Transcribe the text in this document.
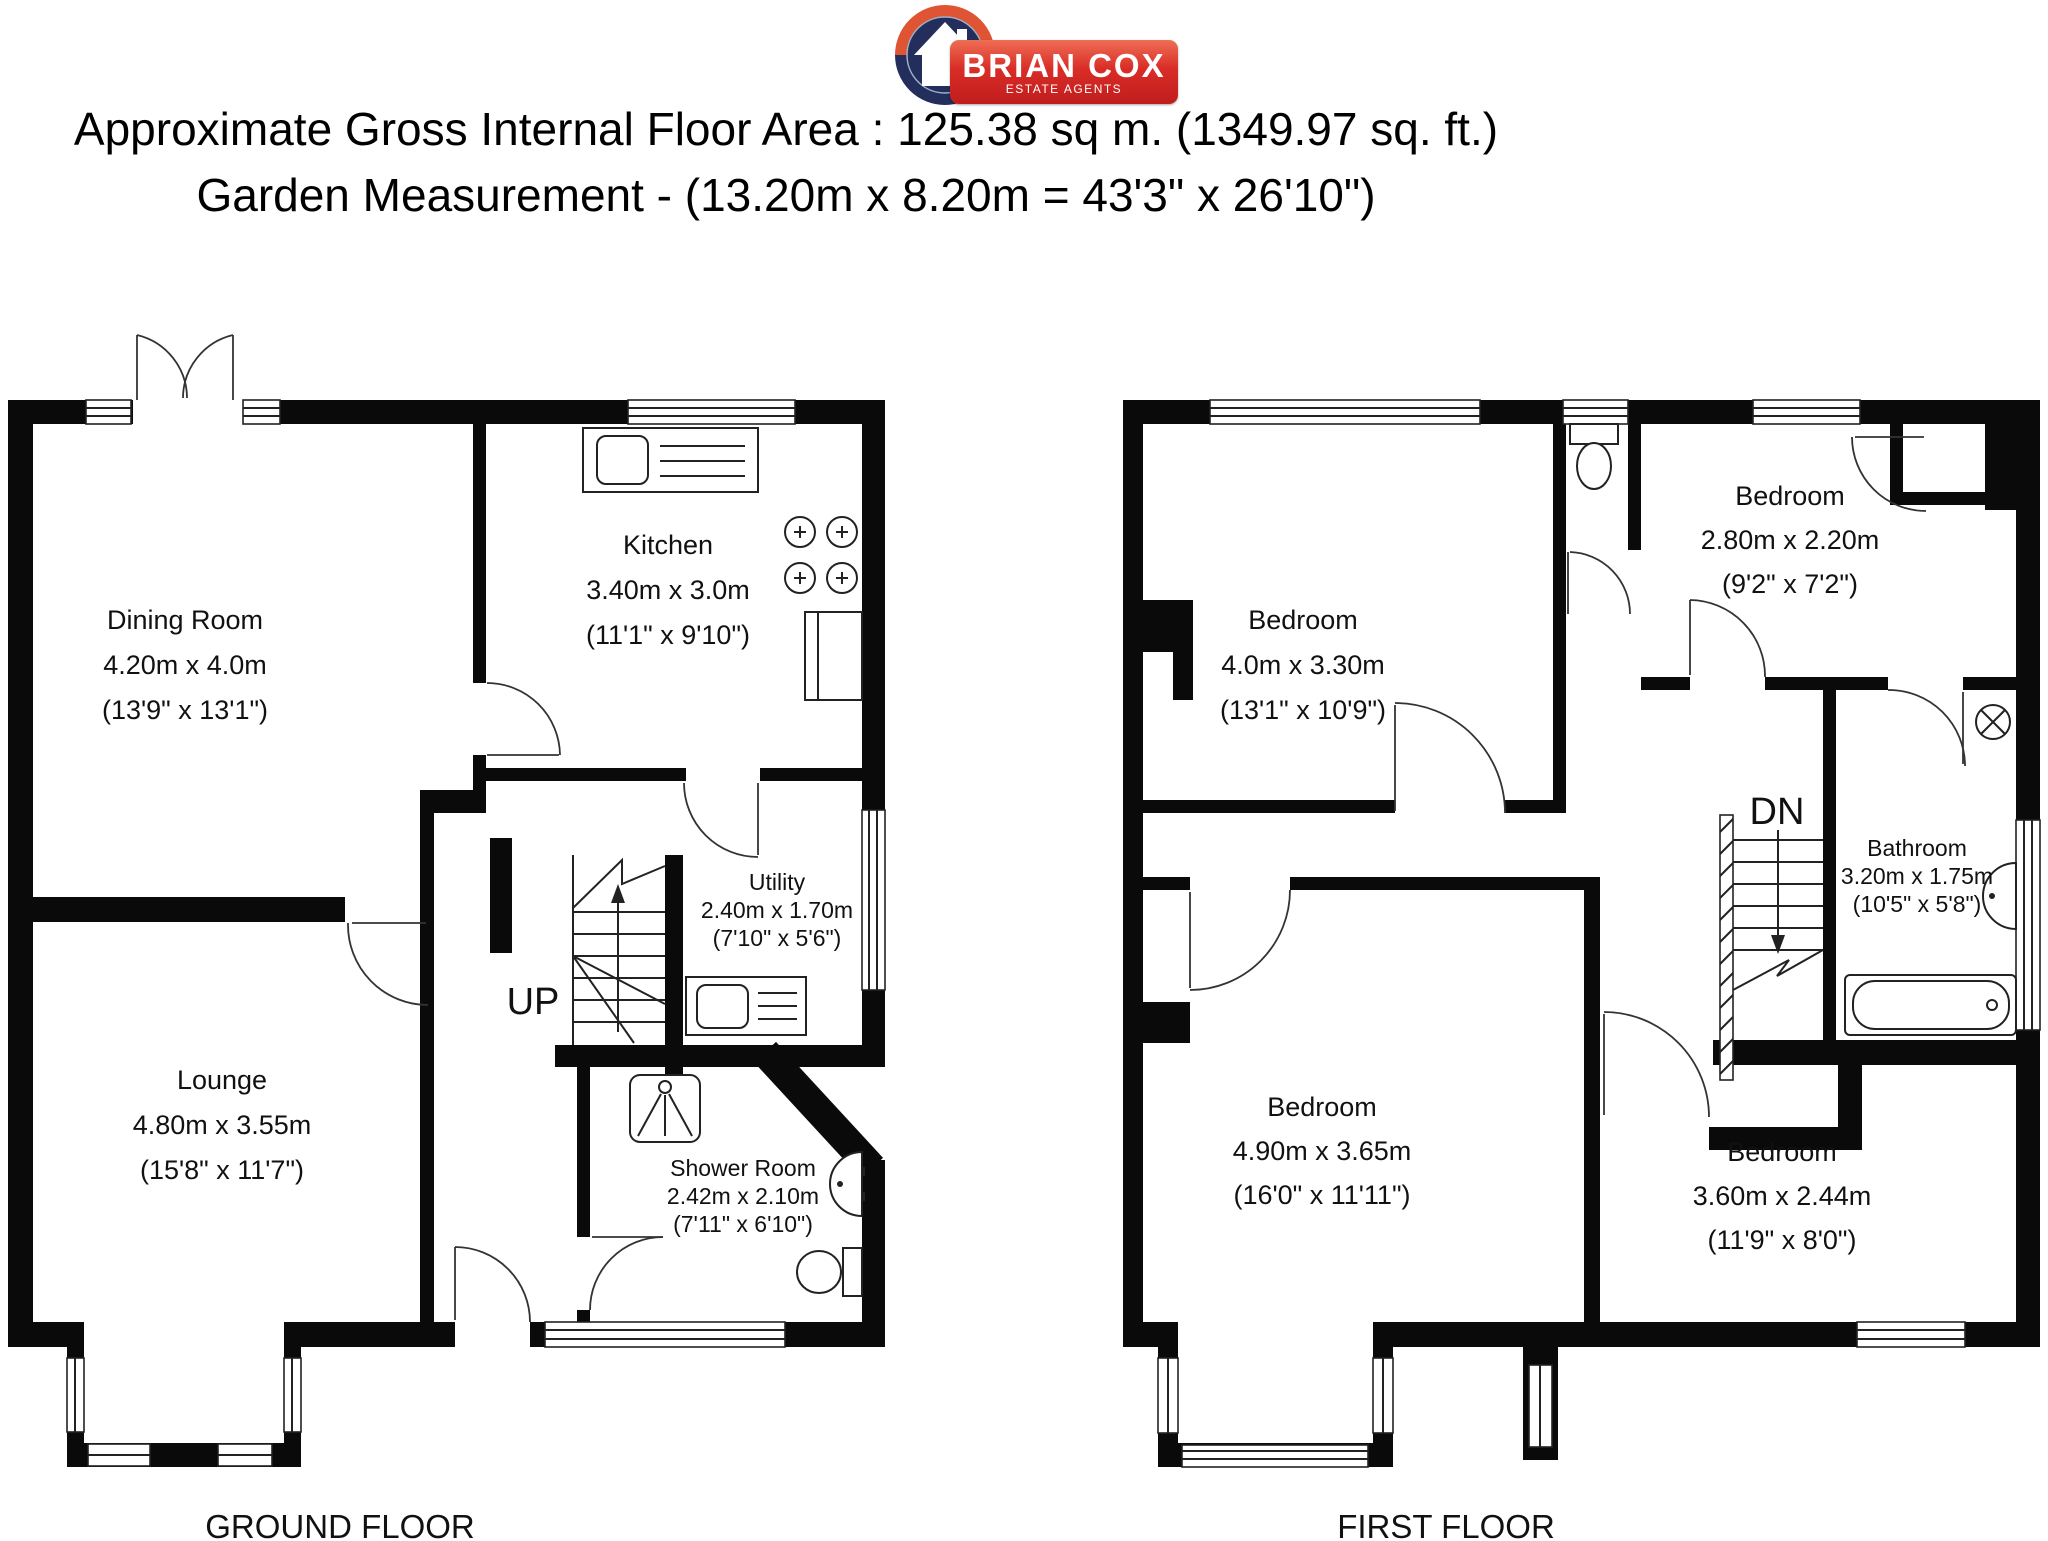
BRIAN COX
ESTATE AGENTS
Approximate Gross Internal Floor Area : 125.38 sq m. (1349.97 sq. ft.)
Garden Measurement - (13.20m x 8.20m = 43'3" x 26'10")
Dining Room
4.20m x 4.0m
(13'9" x 13'1")
Kitchen
3.40m x 3.0m
(11'1" x 9'10")
Utility
2.40m x 1.70m
(7'10" x 5'6")
Lounge
4.80m x 3.55m
(15'8" x 11'7")	Shower Room
2.42m x 2.10m
(7'11" x 6'10")
UP
GROUND FLOOR
Bedroom
4.0m x 3.30m
(13'1" x 10'9")
Bedroom
2.80m x 2.20m
(9'2" x 7'2")
Bathroom
3.20m x 1.75m
(10'5" x 5'8")
Bedroom
4.90m x 3.65m
(16'0" x 11'11")
Bedroom
3.60m x 2.44m
(11'9" x 8'0")
DN
FIRST FLOOR
